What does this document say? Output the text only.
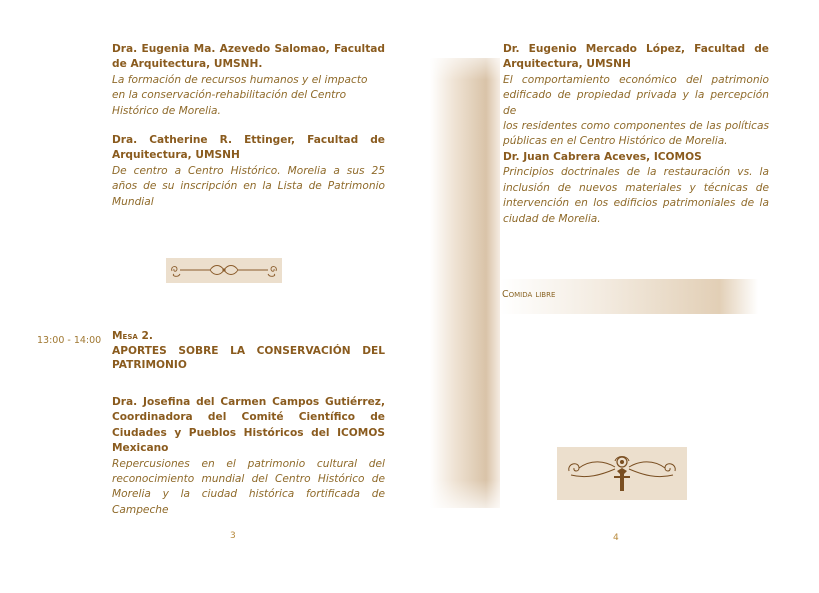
Dra. Eugenia Ma. Azevedo Salomao, Facultad
de Arquitectura, UMSNH.
La formación de recursos humanos y el impacto
en la conservación-rehabilitación del Centro
Histórico de Morelia.
Dra. Catherine R. Ettinger, Facultad de
Arquitectura, UMSNH
De centro a Centro Histórico. Morelia a sus 25
años de su inscripción en la Lista de Patrimonio
Mundial
13:00 - 14:00 Mesa 2.
APORTES SOBRE LA CONSERVACIÓN DEL
PATRIMONIO
Dra. Josefina del Carmen Campos Gutiérrez,
Coordinadora del Comité Científico de
Ciudades y Pueblos Históricos del ICOMOS
Mexicano
Repercusiones en el patrimonio cultural del
reconocimiento mundial del Centro Histórico de
Morelia y la ciudad histórica fortificada de
Campeche
3
Dr. Eugenio Mercado López, Facultad de
Arquitectura, UMSNH
El comportamiento económico del patrimonio
edificado de propiedad privada y la percepción de
los residentes como componentes de las políticas
públicas en el Centro Histórico de Morelia.
Dr. Juan Cabrera Aceves, ICOMOS
Principios doctrinales de la restauración vs. la
inclusión de nuevos materiales y técnicas de
intervención en los edificios patrimoniales de la
ciudad de Morelia.
Comida libre
4
